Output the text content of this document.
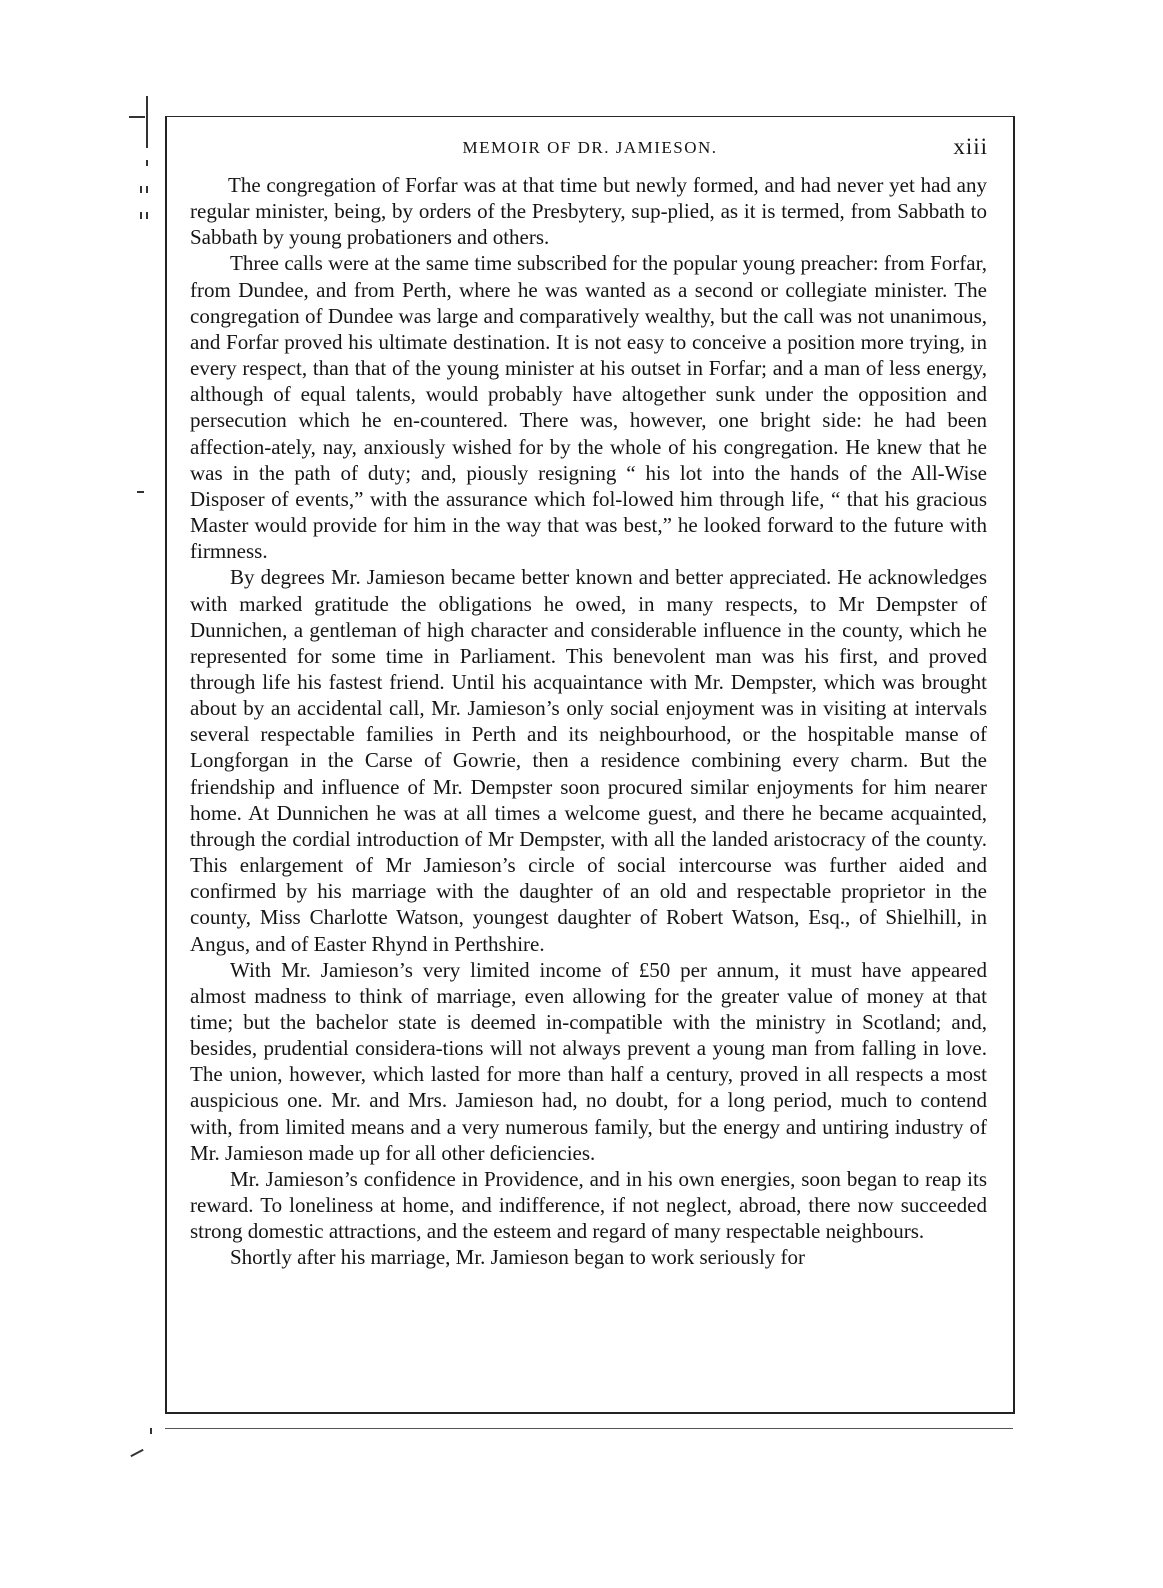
MEMOIR OF DR. JAMIESON.	xiii

The congregation of Forfar was at that time but newly formed, and had never yet had any regular minister, being, by orders of the Presbytery, sup-plied, as it is termed, from Sabbath to Sabbath by young probationers and others.

Three calls were at the same time subscribed for the popular young preacher: from Forfar, from Dundee, and from Perth, where he was wanted as a second or collegiate minister. The congregation of Dundee was large and comparatively wealthy, but the call was not unanimous, and Forfar proved his ultimate destination. It is not easy to conceive a position more trying, in every respect, than that of the young minister at his outset in Forfar; and a man of less energy, although of equal talents, would probably have altogether sunk under the opposition and persecution which he en-countered. There was, however, one bright side: he had been affection-ately, nay, anxiously wished for by the whole of his congregation. He knew that he was in the path of duty; and, piously resigning “ his lot into the hands of the All-Wise Disposer of events,” with the assurance which fol-lowed him through life, “ that his gracious Master would provide for him in the way that was best,” he looked forward to the future with firmness.

By degrees Mr. Jamieson became better known and better appreciated. He acknowledges with marked gratitude the obligations he owed, in many respects, to Mr Dempster of Dunnichen, a gentleman of high character and considerable influence in the county, which he represented for some time in Parliament. This benevolent man was his first, and proved through life his fastest friend. Until his acquaintance with Mr. Dempster, which was brought about by an accidental call, Mr. Jamieson’s only social enjoyment was in visiting at intervals several respectable families in Perth and its neighbourhood, or the hospitable manse of Longforgan in the Carse of Gowrie, then a residence combining every charm. But the friendship and influence of Mr. Dempster soon procured similar enjoyments for him nearer home. At Dunnichen he was at all times a welcome guest, and there he became acquainted, through the cordial introduction of Mr Dempster, with all the landed aristocracy of the county. This enlargement of Mr Jamieson’s circle of social intercourse was further aided and confirmed by his marriage with the daughter of an old and respectable proprietor in the county, Miss Charlotte Watson, youngest daughter of Robert Watson, Esq., of Shielhill, in Angus, and of Easter Rhynd in Perthshire.

With Mr. Jamieson’s very limited income of £50 per annum, it must have appeared almost madness to think of marriage, even allowing for the greater value of money at that time; but the bachelor state is deemed in-compatible with the ministry in Scotland; and, besides, prudential considera-tions will not always prevent a young man from falling in love. The union, however, which lasted for more than half a century, proved in all respects a most auspicious one. Mr. and Mrs. Jamieson had, no doubt, for a long period, much to contend with, from limited means and a very numerous family, but the energy and untiring industry of Mr. Jamieson made up for all other deficiencies.

Mr. Jamieson’s confidence in Providence, and in his own energies, soon began to reap its reward. To loneliness at home, and indifference, if not neglect, abroad, there now succeeded strong domestic attractions, and the esteem and regard of many respectable neighbours.

Shortly after his marriage, Mr. Jamieson began to work seriously for
